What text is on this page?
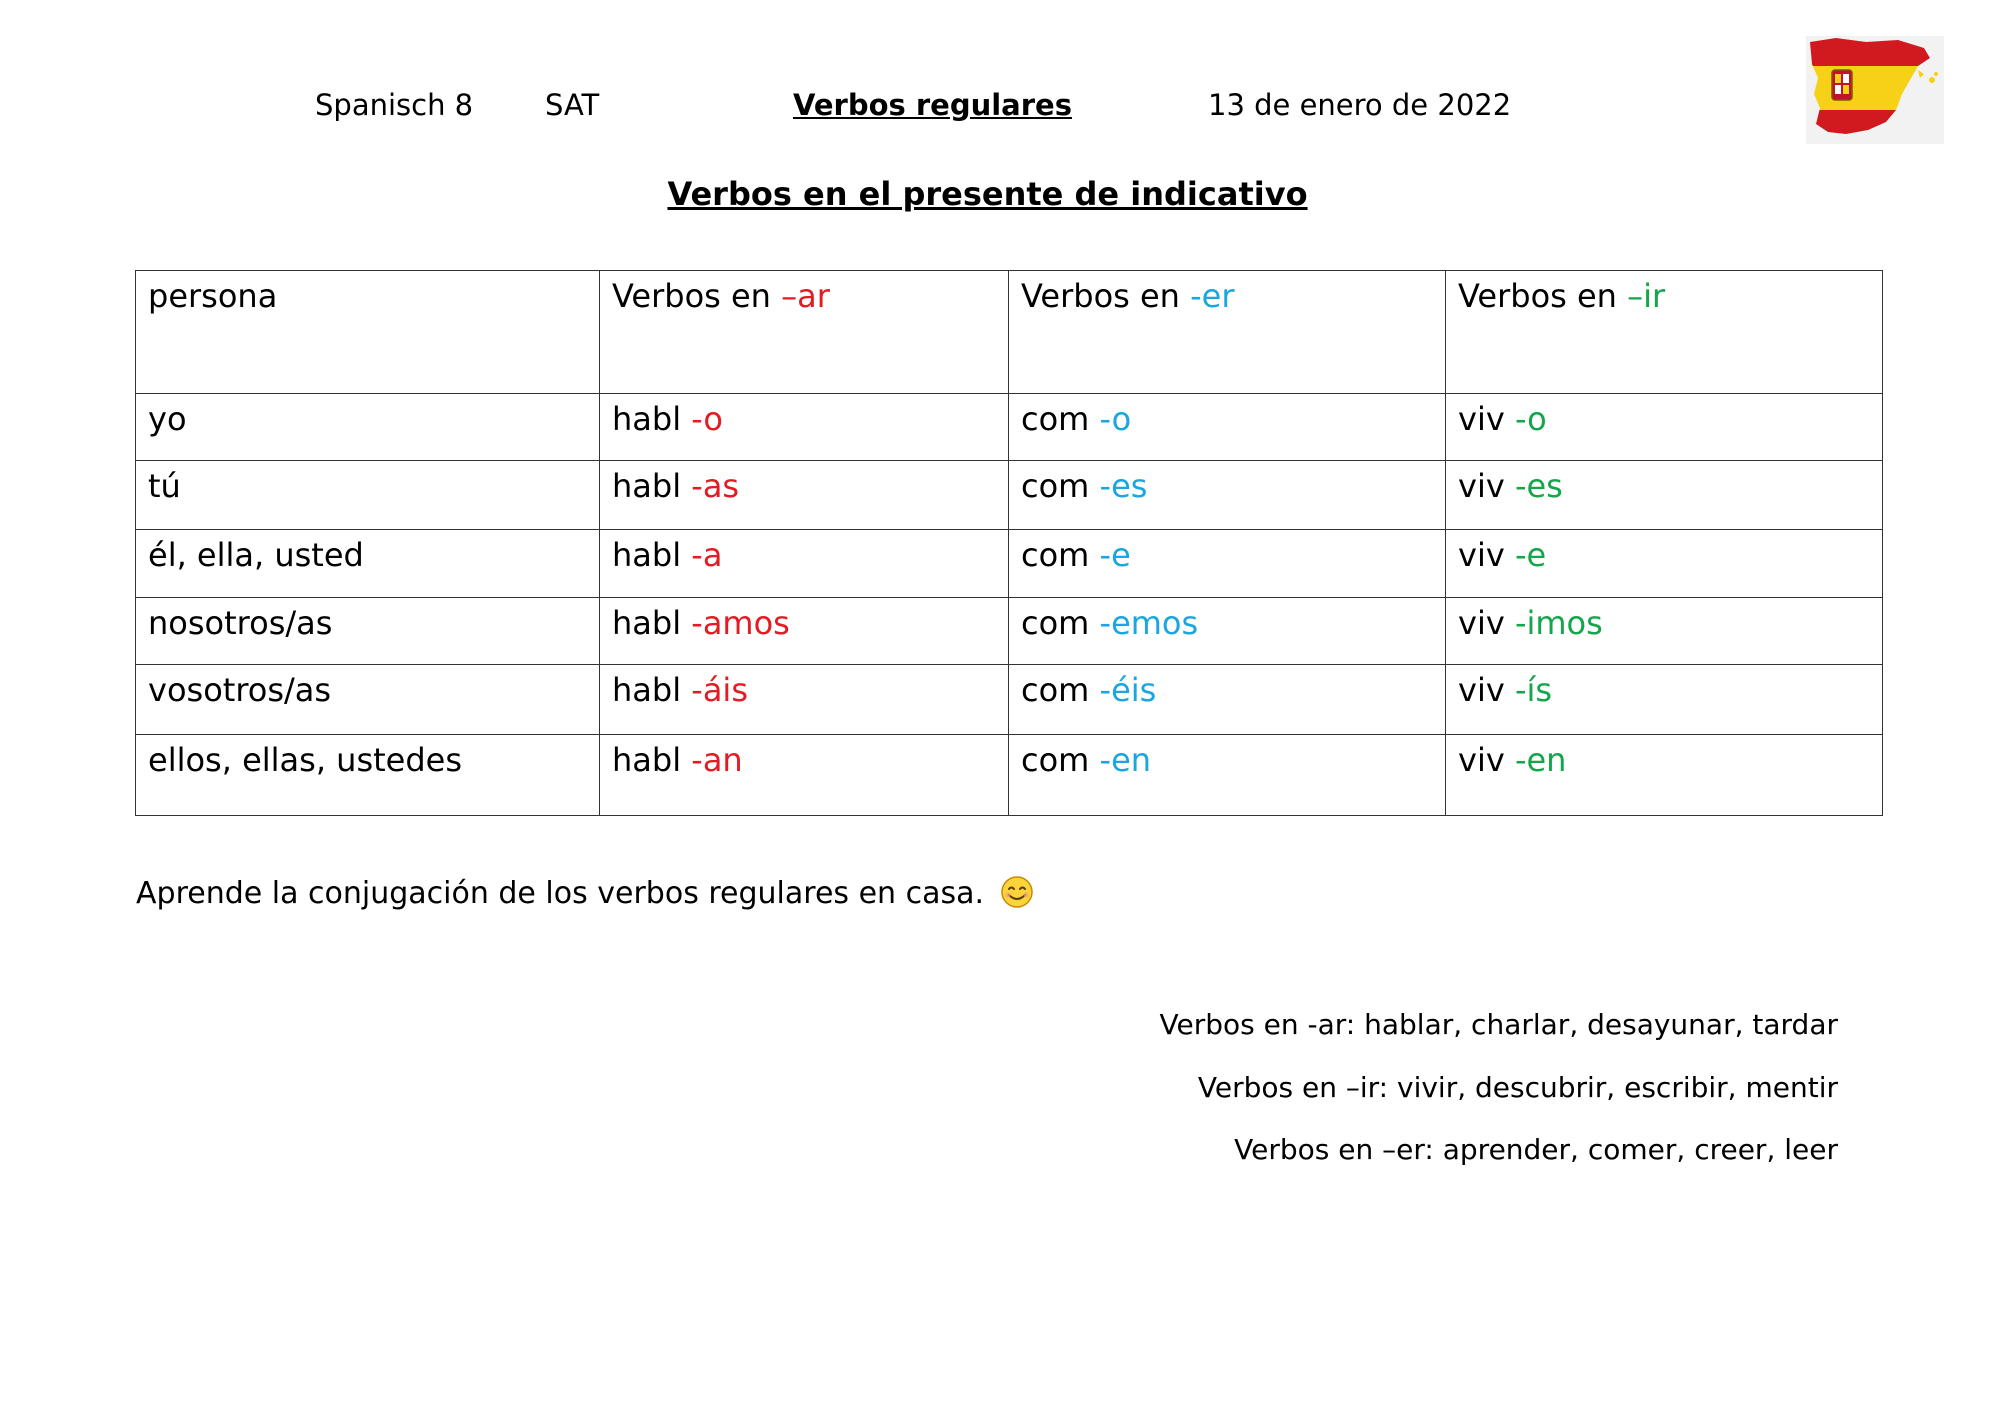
Spanisch 8 SAT	Verbos regulares	13 de enero de 2022
Verbos en el presente de indicativo
persona	Verbos en –ar	Verbos en -er	Verbos en –ir
yo	habl -o	com -o	viv -o
tú	habl -as	com -es	viv -es
él, ella, usted	habl -a	com -e	viv -e
nosotros/as	habl -amos	com -emos	viv -imos
vosotros/as	habl -áis	com -éis	viv -ís
ellos, ellas, ustedes	habl -an	com -en	viv -en
Aprende la conjugación de los verbos regulares en casa.
Verbos en -ar: hablar, charlar, desayunar, tardar
Verbos en –ir: vivir, descubrir, escribir, mentir
Verbos en –er: aprender, comer, creer, leer
